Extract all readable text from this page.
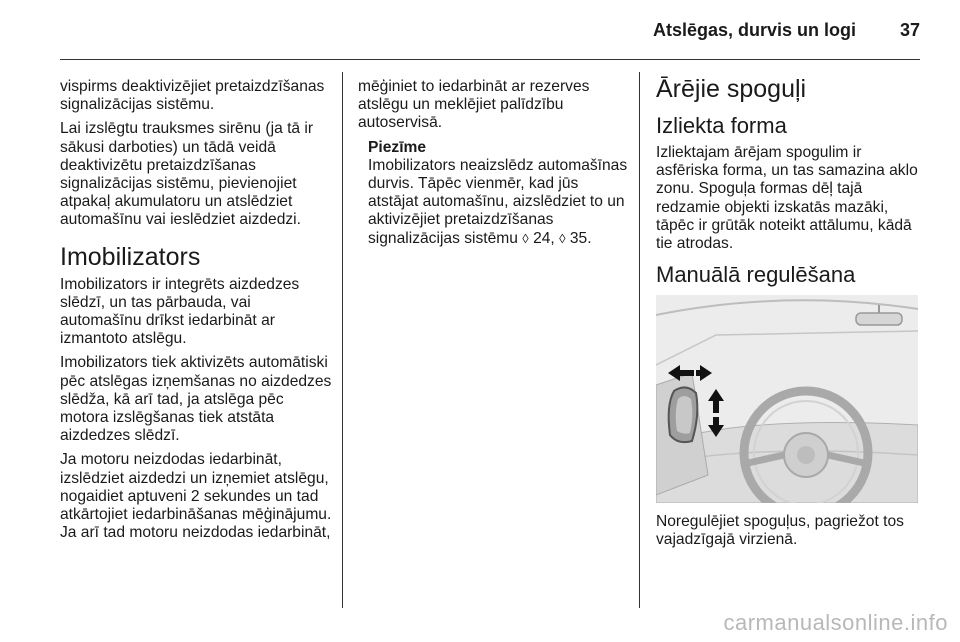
Atslēgas, durvis un logi 37

vispirms deaktivizējiet pretaizdzīšanas signalizācijas sistēmu.

Lai izslēgtu trauksmes sirēnu (ja tā ir sākusi darboties) un tādā veidā deaktivizētu pretaizdzīšanas signalizācijas sistēmu, pievienojiet atpakaļ akumulatoru un atslēdziet automašīnu vai ieslēdziet aizdedzi.

Imobilizators

Imobilizators ir integrēts aizdedzes slēdzī, un tas pārbauda, vai automašīnu drīkst iedarbināt ar izmantoto atslēgu.

Imobilizators tiek aktivizēts automātiski pēc atslēgas izņemšanas no aizdedzes slēdža, kā arī tad, ja atslēga pēc motora izslēgšanas tiek atstāta aizdedzes slēdzī.

Ja motoru neizdodas iedarbināt, izslēdziet aizdedzi un izņemiet atslēgu, nogaidiet aptuveni 2 sekundes un tad atkārtojiet iedarbināšanas mēģinājumu. Ja arī tad motoru neizdodas iedarbināt,

mēģiniet to iedarbināt ar rezerves atslēgu un meklējiet palīdzību autoservisā.

Piezīme
Imobilizators neaizslēdz automašīnas durvis. Tāpēc vienmēr, kad jūs atstājat automašīnu, aizslēdziet to un aktivizējiet pretaizdzīšanas signalizācijas sistēmu ◊ 24, ◊ 35.
Ārējie spoguļi
Izliekta forma

Izliektajam ārējam spogulim ir asfēriska forma, un tas samazina aklo zonu. Spoguļa formas dēļ tajā redzamie objekti izskatās mazāki, tāpēc ir grūtāk noteikt attālumu, kādā tie atrodas.

Manuālā regulēšana

Noregulējiet spoguļus, pagriežot tos vajadzīgajā virzienā.

carmanualsonline.info
